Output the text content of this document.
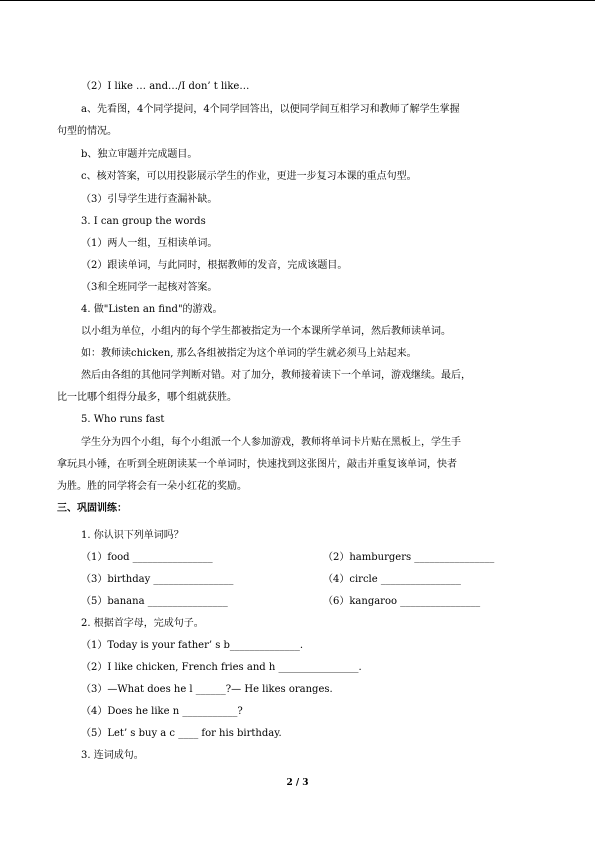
（2）I like … and…/I don’ t like…
a、先看图，4个同学提问，4个同学回答出，以便同学间互相学习和教师了解学生掌握
句型的情况。
b、独立审题并完成题目。
c、核对答案，可以用投影展示学生的作业，更进一步复习本课的重点句型。
（3）引导学生进行查漏补缺。
3. I can group the words
（1）两人一组，互相读单词。
（2）跟读单词，与此同时，根据教师的发音，完成该题目。
（3和全班同学一起核对答案。
4. 做"Listen an find"的游戏。
以小组为单位，小组内的每个学生都被指定为一个本课所学单词，然后教师读单词。
如：教师读chicken, 那么各组被指定为这个单词的学生就必须马上站起来。
然后由各组的其他同学判断对错。对了加分，教师接着读下一个单词，游戏继续。最后，
比一比哪个组得分最多，哪个组就获胜。
5. Who runs fast
学生分为四个小组，每个小组派一个人参加游戏，教师将单词卡片贴在黑板上，学生手
拿玩具小锤，在听到全班朗读某一个单词时，快速找到这张图片，敲击并重复该单词，快者
为胜。胜的同学将会有一朵小红花的奖励。
三、巩固训练：
1. 你认识下列单词吗？
（1）food ________________	（2）hamburgers ________________
（3）birthday ________________	（4）circle ________________
（5）banana ________________	（6）kangaroo ________________
2. 根据首字母，完成句子。
（1）Today is your father’ s b______________.
（2）I like chicken, French fries and h ________________.
（3）—What does he l ______?— He likes oranges.
（4）Does he like n ___________?
（5）Let’ s buy a c ____ for his birthday.
3. 连词成句。
2 / 3
